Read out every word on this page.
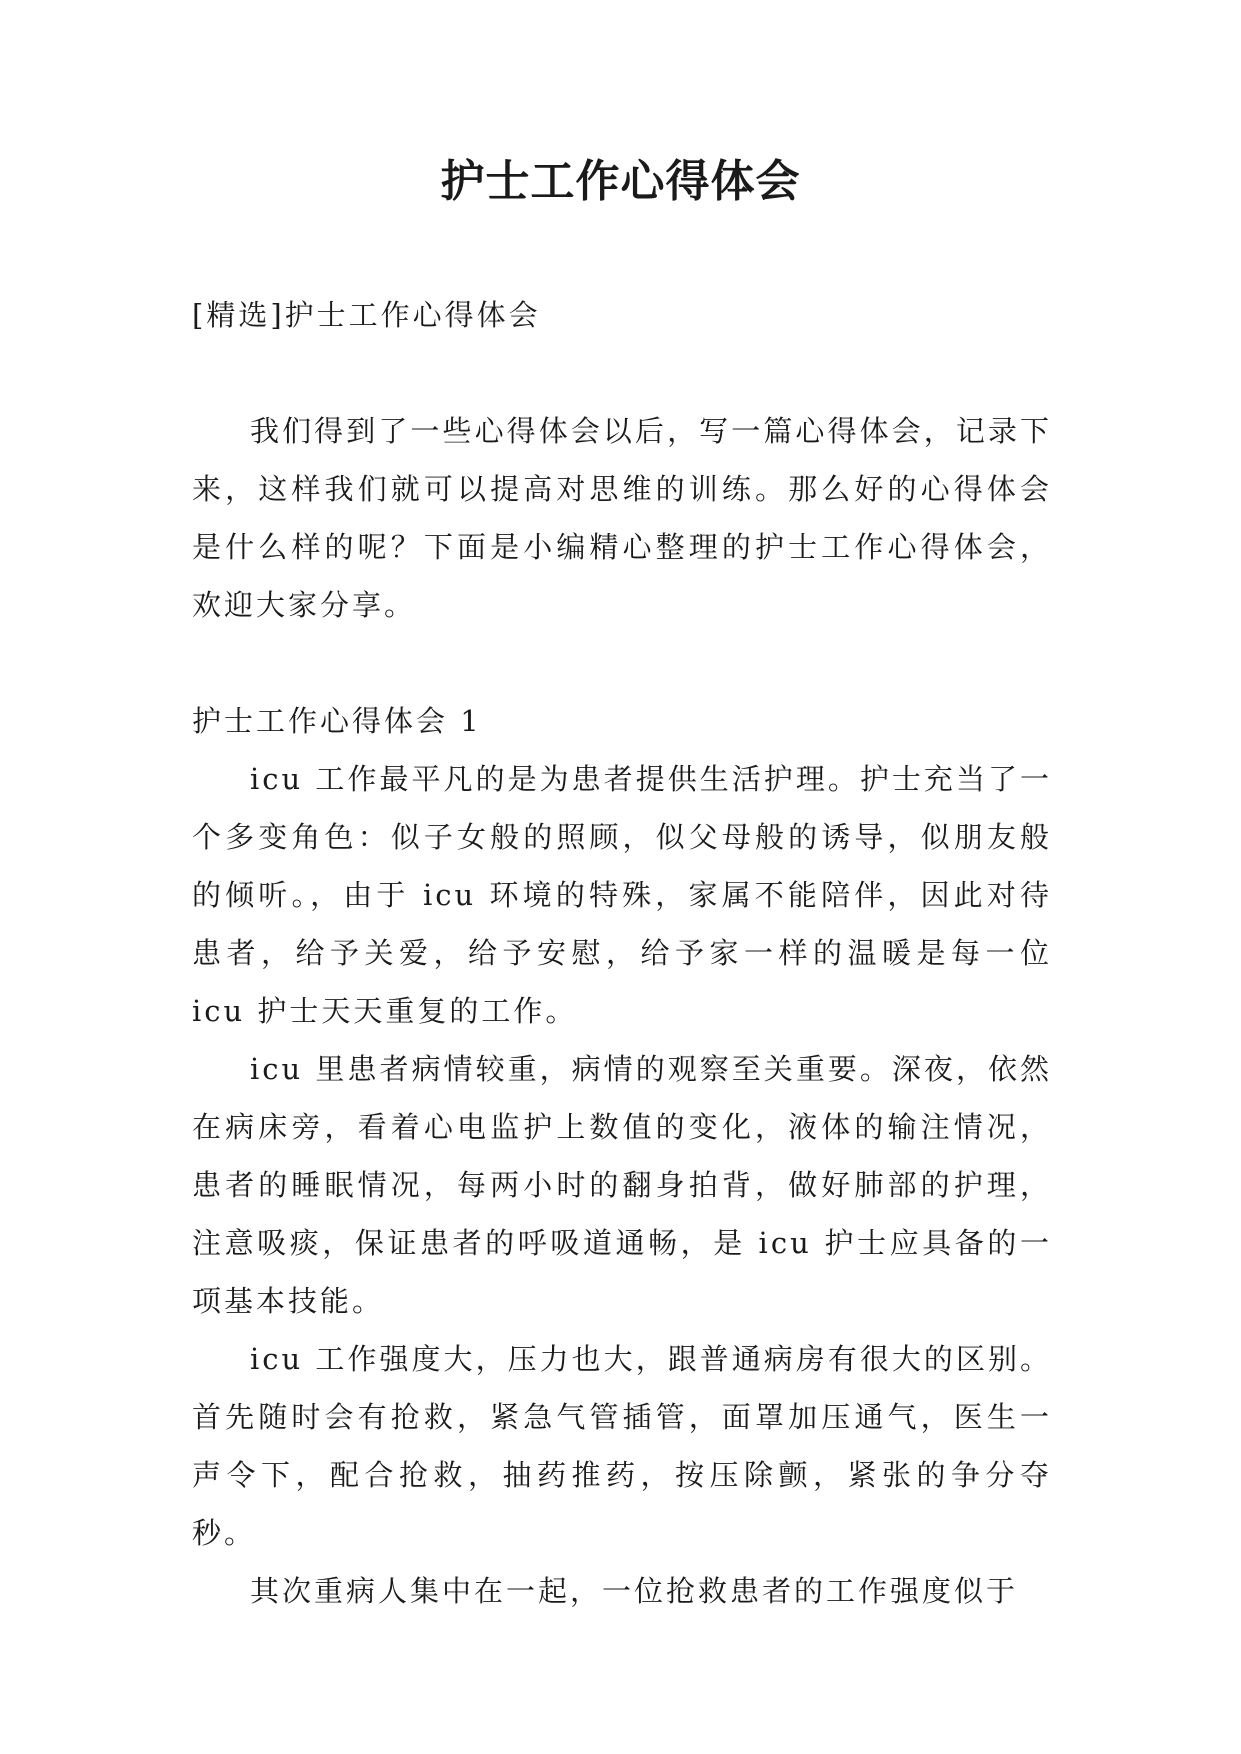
护士工作心得体会

[精选]护士工作心得体会

我们得到了一些心得体会以后，写一篇心得体会，记录下来，这样我们就可以提高对思维的训练。那么好的心得体会是什么样的呢？下面是小编精心整理的护士工作心得体会，欢迎大家分享。

护士工作心得体会 1

icu 工作最平凡的是为患者提供生活护理。护士充当了一个多变角色：似子女般的照顾，似父母般的诱导，似朋友般的倾听。，由于 icu 环境的特殊，家属不能陪伴，因此对待患者，给予关爱，给予安慰，给予家一样的温暖是每一位 icu 护士天天重复的工作。

icu 里患者病情较重，病情的观察至关重要。深夜，依然在病床旁，看着心电监护上数值的变化，液体的输注情况，患者的睡眠情况，每两小时的翻身拍背，做好肺部的护理，注意吸痰，保证患者的呼吸道通畅，是 icu 护士应具备的一项基本技能。

icu 工作强度大，压力也大，跟普通病房有很大的区别。首先随时会有抢救，紧急气管插管，面罩加压通气，医生一声令下，配合抢救，抽药推药，按压除颤，紧张的争分夺秒。

其次重病人集中在一起，一位抢救患者的工作强度似于
